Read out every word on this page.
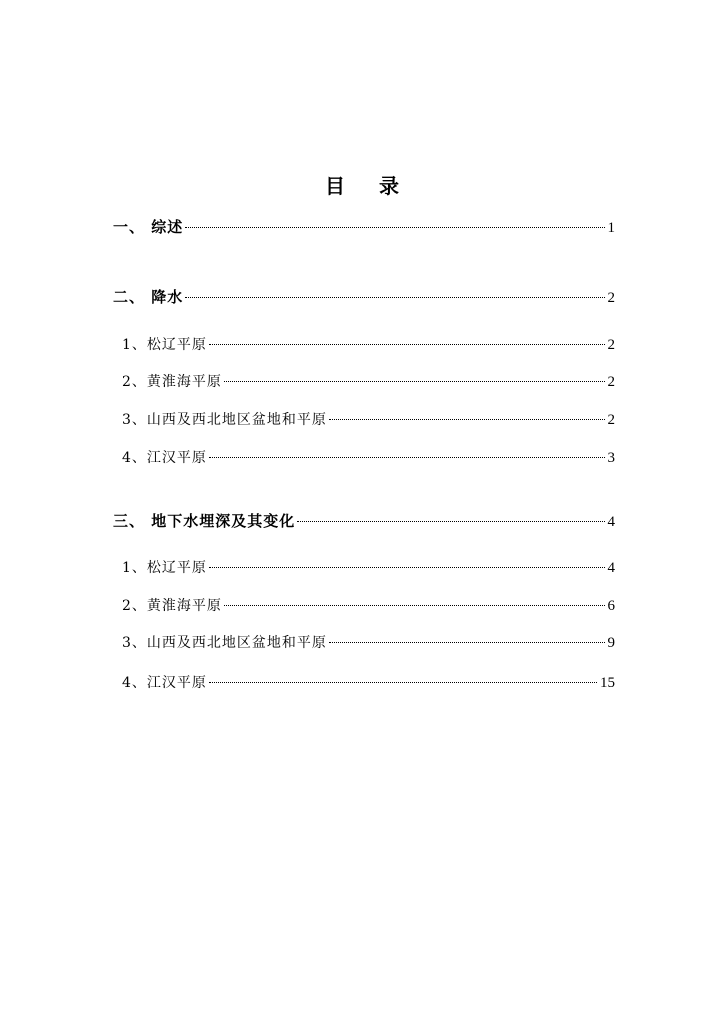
目 录
一、 综述	1
二、 降水	2
1、松辽平原	2
2、黄淮海平原	2
3、山西及西北地区盆地和平原	2
4、江汉平原	3
三、 地下水埋深及其变化	4
1、松辽平原	4
2、黄淮海平原	6
3、山西及西北地区盆地和平原	9
4、江汉平原	15
